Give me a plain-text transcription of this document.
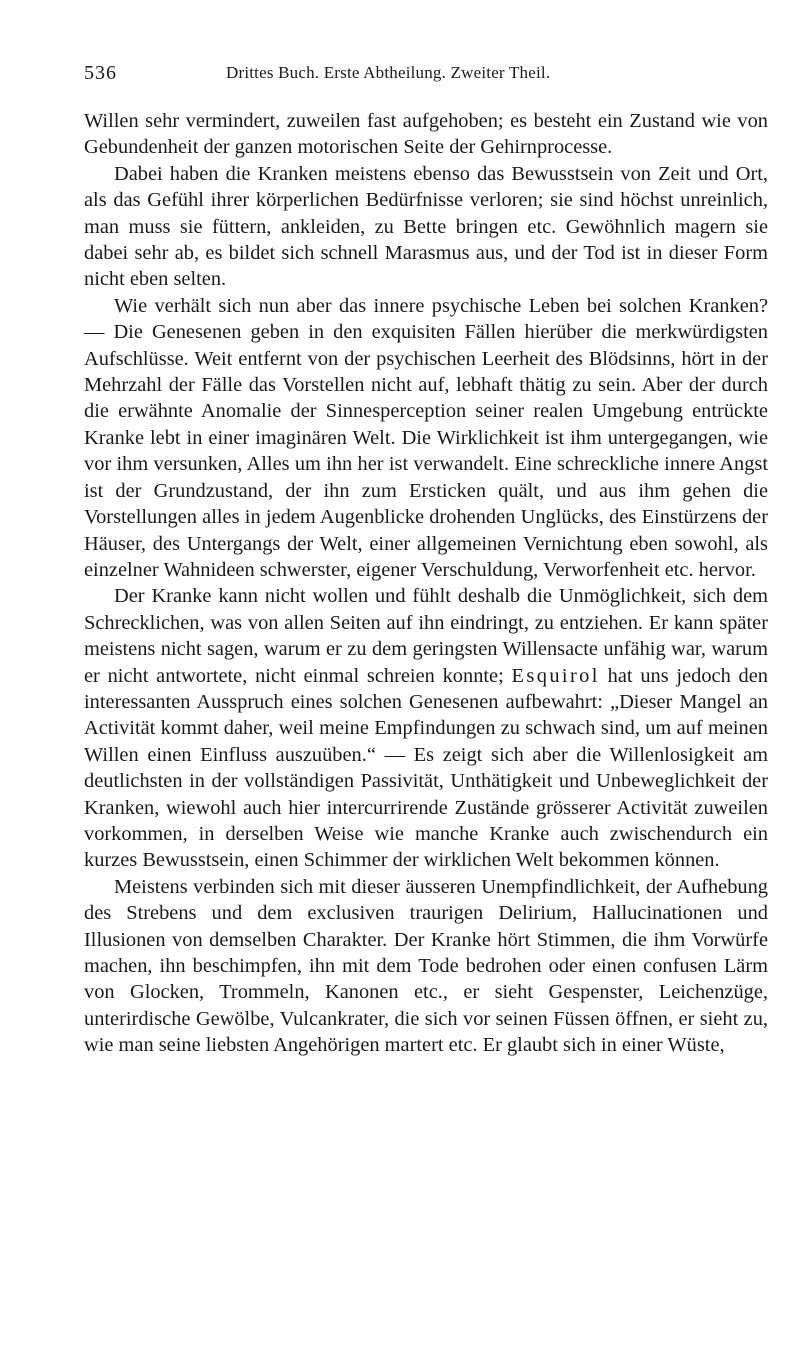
536	Drittes Buch. Erste Abtheilung. Zweiter Theil.

Willen sehr vermindert, zuweilen fast aufgehoben; es besteht ein Zustand wie von Gebundenheit der ganzen motorischen Seite der Gehirnprocesse.

Dabei haben die Kranken meistens ebenso das Bewusstsein von Zeit und Ort, als das Gefühl ihrer körperlichen Bedürfnisse verloren; sie sind höchst unreinlich, man muss sie füttern, ankleiden, zu Bette bringen etc. Gewöhnlich magern sie dabei sehr ab, es bildet sich schnell Marasmus aus, und der Tod ist in dieser Form nicht eben selten.

Wie verhält sich nun aber das innere psychische Leben bei solchen Kranken? — Die Genesenen geben in den exquisiten Fällen hierüber die merkwürdigsten Aufschlüsse. Weit entfernt von der psychischen Leerheit des Blödsinns, hört in der Mehrzahl der Fälle das Vorstellen nicht auf, lebhaft thätig zu sein. Aber der durch die erwähnte Anomalie der Sinnesperception seiner realen Umgebung entrückte Kranke lebt in einer imaginären Welt. Die Wirklichkeit ist ihm untergegangen, wie vor ihm versunken, Alles um ihn her ist verwandelt. Eine schreckliche innere Angst ist der Grundzustand, der ihn zum Ersticken quält, und aus ihm gehen die Vorstellungen alles in jedem Augenblicke drohenden Unglücks, des Einstürzens der Häuser, des Untergangs der Welt, einer allgemeinen Vernichtung eben sowohl, als einzelner Wahnideen schwerster, eigener Verschuldung, Verworfenheit etc. hervor.

Der Kranke kann nicht wollen und fühlt deshalb die Unmöglichkeit, sich dem Schrecklichen, was von allen Seiten auf ihn eindringt, zu entziehen. Er kann später meistens nicht sagen, warum er zu dem geringsten Willensacte unfähig war, warum er nicht antwortete, nicht einmal schreien konnte; Esquirol hat uns jedoch den interessanten Ausspruch eines solchen Genesenen aufbewahrt: „Dieser Mangel an Activität kommt daher, weil meine Empfindungen zu schwach sind, um auf meinen Willen einen Einfluss auszuüben.“ — Es zeigt sich aber die Willenlosigkeit am deutlichsten in der vollständigen Passivität, Unthätigkeit und Unbeweglichkeit der Kranken, wiewohl auch hier intercurrirende Zustände grösserer Activität zuweilen vorkommen, in derselben Weise wie manche Kranke auch zwischendurch ein kurzes Bewusstsein, einen Schimmer der wirklichen Welt bekommen können.

Meistens verbinden sich mit dieser äusseren Unempfindlichkeit, der Aufhebung des Strebens und dem exclusiven traurigen Delirium, Hallucinationen und Illusionen von demselben Charakter. Der Kranke hört Stimmen, die ihm Vorwürfe machen, ihn beschimpfen, ihn mit dem Tode bedrohen oder einen confusen Lärm von Glocken, Trommeln, Kanonen etc., er sieht Gespenster, Leichenzüge, unterirdische Gewölbe, Vulcankrater, die sich vor seinen Füssen öffnen, er sieht zu, wie man seine liebsten Angehörigen martert etc. Er glaubt sich in einer Wüste,
